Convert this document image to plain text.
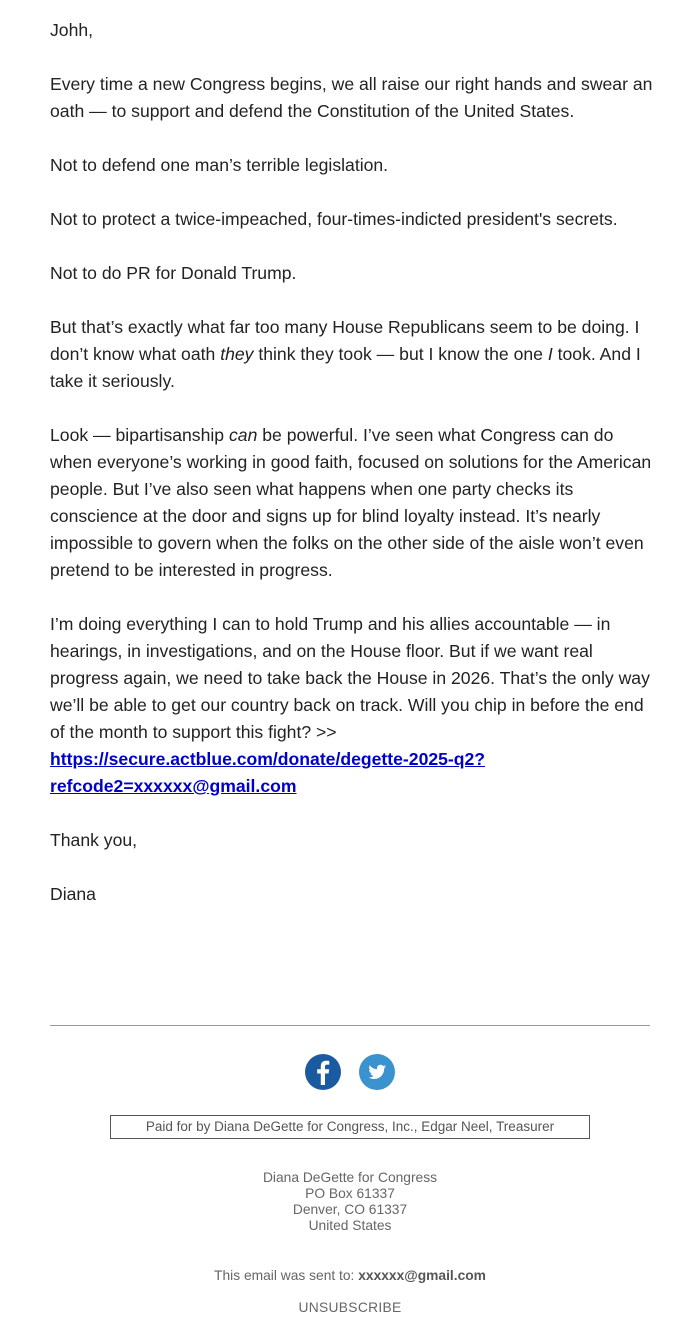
Johh,

Every time a new Congress begins, we all raise our right hands and swear an oath — to support and defend the Constitution of the United States.

Not to defend one man’s terrible legislation.

Not to protect a twice-impeached, four-times-indicted president's secrets.

Not to do PR for Donald Trump.

But that’s exactly what far too many House Republicans seem to be doing. I don’t know what oath they think they took — but I know the one I took. And I take it seriously.

Look — bipartisanship can be powerful. I’ve seen what Congress can do when everyone’s working in good faith, focused on solutions for the American people. But I’ve also seen what happens when one party checks its conscience at the door and signs up for blind loyalty instead. It’s nearly impossible to govern when the folks on the other side of the aisle won’t even pretend to be interested in progress.

I’m doing everything I can to hold Trump and his allies accountable — in hearings, in investigations, and on the House floor. But if we want real progress again, we need to take back the House in 2026. That’s the only way we’ll be able to get our country back on track. Will you chip in before the end of the month to support this fight? >>
https://secure.actblue.com/donate/degette-2025-q2?
refcode2=xxxxxx@gmail.com

Thank you,

Diana

Paid for by Diana DeGette for Congress, Inc., Edgar Neel, Treasurer
Diana DeGette for Congress
PO Box 61337
Denver, CO 61337
United States
This email was sent to: xxxxxx@gmail.com
UNSUBSCRIBE
